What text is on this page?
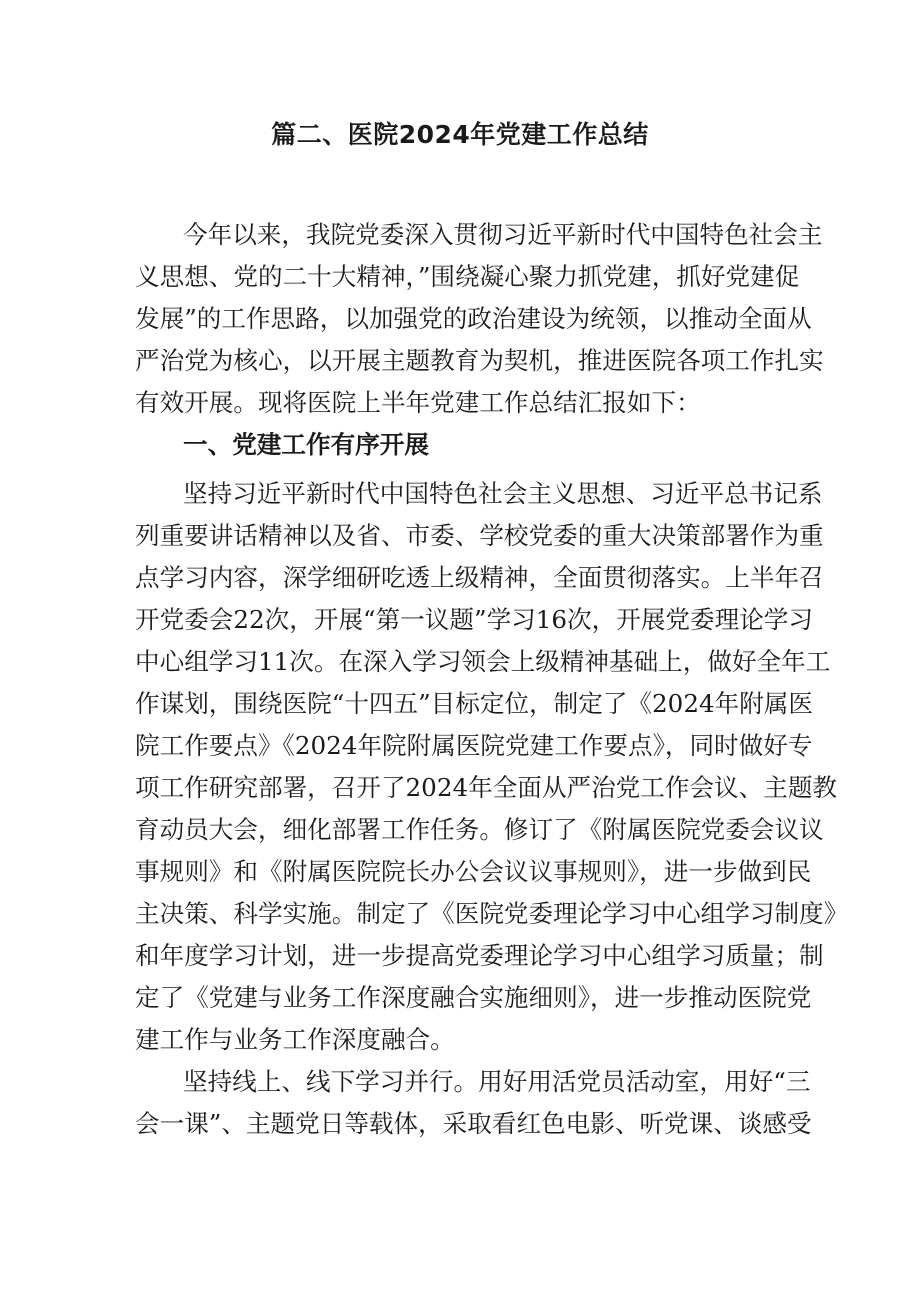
篇二、医院2024年党建工作总结
今年以来，我院党委深入贯彻习近平新时代中国特色社会主
义思想、党的二十大精神，”围绕凝心聚力抓党建，抓好党建促
发展”的工作思路，以加强党的政治建设为统领，以推动全面从
严治党为核心，以开展主题教育为契机，推进医院各项工作扎实
有效开展。现将医院上半年党建工作总结汇报如下：
一、党建工作有序开展
坚持习近平新时代中国特色社会主义思想、习近平总书记系
列重要讲话精神以及省、市委、学校党委的重大决策部署作为重
点学习内容，深学细研吃透上级精神，全面贯彻落实。上半年召
开党委会22次，开展“第一议题”学习16次，开展党委理论学习
中心组学习11次。在深入学习领会上级精神基础上，做好全年工
作谋划，围绕医院“十四五”目标定位，制定了《2024年附属医
院工作要点》《2024年院附属医院党建工作要点》，同时做好专
项工作研究部署，召开了2024年全面从严治党工作会议、主题教
育动员大会，细化部署工作任务。修订了《附属医院党委会议议
事规则》和《附属医院院长办公会议议事规则》，进一步做到民
主决策、科学实施。制定了《医院党委理论学习中心组学习制度》
和年度学习计划，进一步提高党委理论学习中心组学习质量；制
定了《党建与业务工作深度融合实施细则》，进一步推动医院党
建工作与业务工作深度融合。
坚持线上、线下学习并行。用好用活党员活动室，用好“三
会一课”、主题党日等载体，采取看红色电影、听党课、谈感受
